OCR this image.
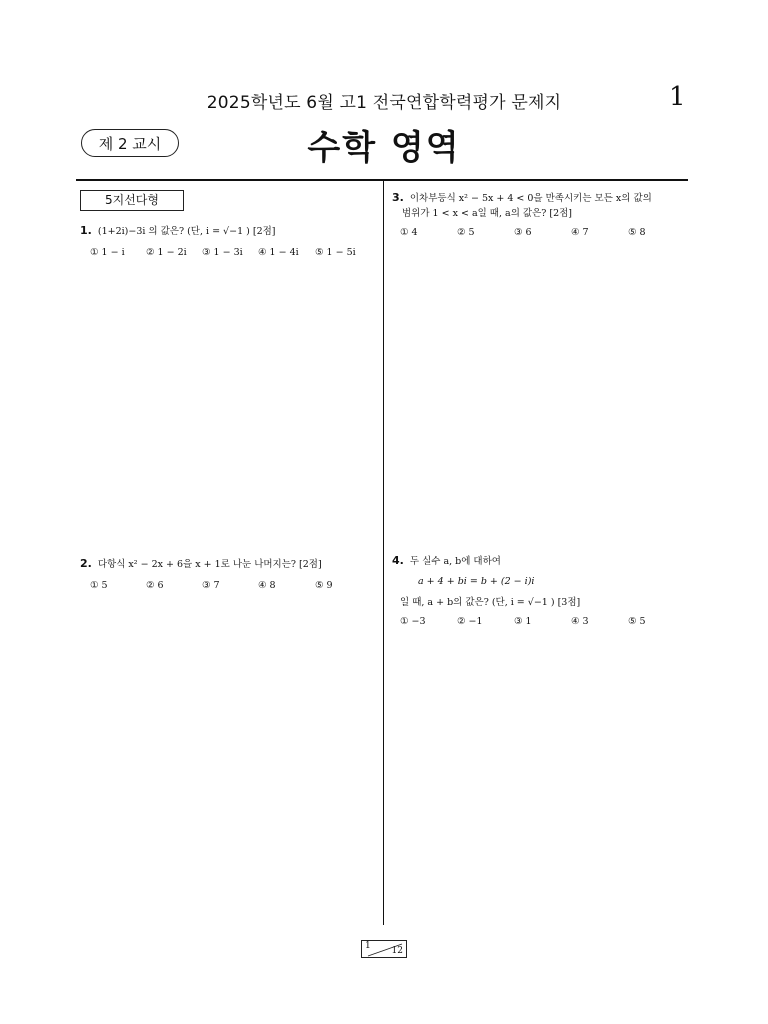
2025학년도 6월 고1 전국연합학력평가 문제지	1
제 2 교시	수학 영역
5지선다형
1. (1+2i)−3i 의 값은? (단, i = √−1 ) [2점]
① 1 − i ② 1 − 2i ③ 1 − 3i ④ 1 − 4i ⑤ 1 − 5i
2. 다항식 x² − 2x + 6을 x + 1로 나눈 나머지는? [2점]
① 5	② 6	③ 7	④ 8	⑤ 9
3. 이차부등식 x² − 5x + 4 < 0을 만족시키는 모든 x의 값의
범위가 1 < x < a일 때, a의 값은? [2점]
① 4	② 5	③ 6	④ 7	⑤ 8
4. 두 실수 a, b에 대하여
a + 4 + bi = b + (2 − i)i
일 때, a + b의 값은? (단, i = √−1 ) [3점]
① −3	② −1	③ 1	④ 3	⑤ 5
1 12
